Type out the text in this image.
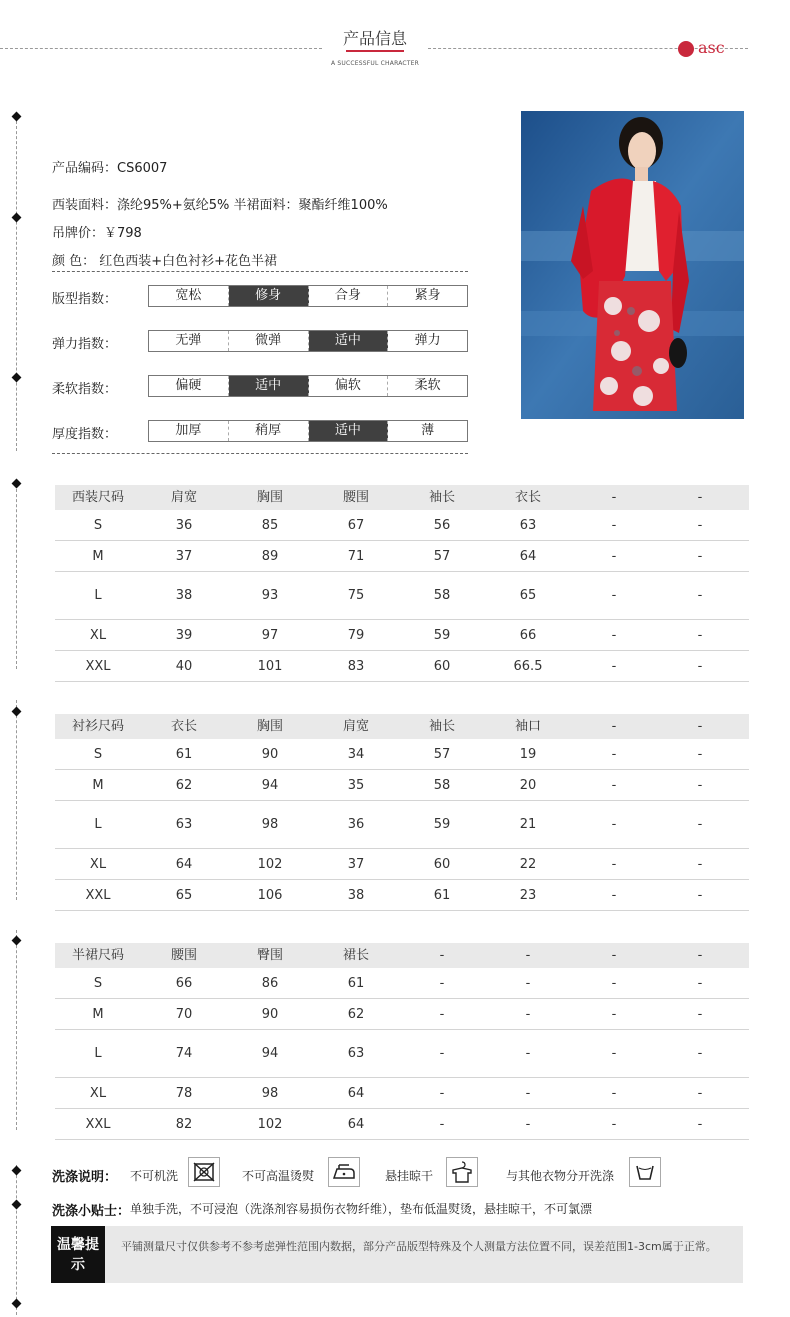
产品信息
A SUCCESSFUL CHARACTER
asc
产品编码：CS6007
西装面料：涤纶95%+氨纶5% 半裙面料：聚酯纤维100%
吊牌价：￥798
颜 色： 红色西装+白色衬衫+花色半裙
版型指数：	宽松	修身	合身	紧身
弹力指数：	无弹	微弹	适中	弹力
柔软指数：	偏硬	适中	偏软	柔软
厚度指数：	加厚	稍厚	适中	薄
西装尺码	肩宽	胸围	腰围	袖长	衣长	-	-
S	36	85	67	56	63	-	-
M	37	89	71	57	64	-	-
L	38	93	75	58	65	-	-
XL	39	97	79	59	66	-	-
XXL	40	101	83	60	66.5	-	-
衬衫尺码	衣长	胸围	肩宽	袖长	袖口	-	-
S	61	90	34	57	19	-	-
M	62	94	35	58	20	-	-
L	63	98	36	59	21	-	-
XL	64	102	37	60	22	-	-
XXL	65	106	38	61	23	-	-
半裙尺码	腰围	臀围	裙长	-	-	-	-
S	66	86	61	-	-	-	-
M	70	90	62	-	-	-	-
L	74	94	63	-	-	-	-
XL	78	98	64	-	-	-	-
XXL	82	102	64	-	-	-	-
洗涤说明： 不可机洗	不可高温烫熨	悬挂晾干	与其他衣物分开洗涤
洗涤小贴士： 单独手洗，不可浸泡（洗涤剂容易损伤衣物纤维），垫布低温熨烫，悬挂晾干，不可氯漂
温馨提示
平铺测量尺寸仅供参考不参考虑弹性范围内数据，部分产品版型特殊及个人测量方法位置不同，误差范围1-3cm属于正常。
